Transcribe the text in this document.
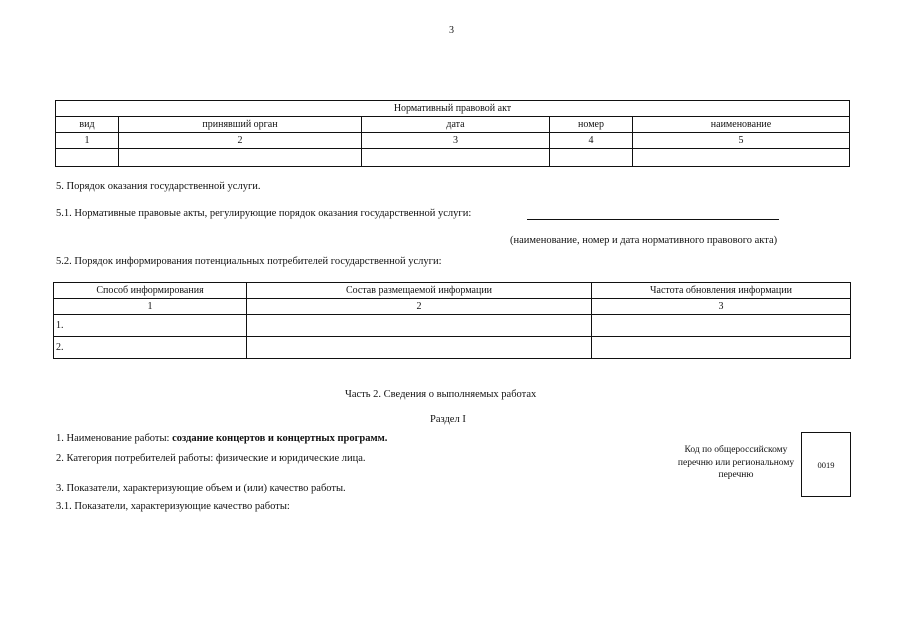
3
Нормативный правовой акт				
вид	принявший орган	дата	номер	наименование
1	2	3	4	5

5. Порядок оказания государственной услуги.
5.1. Нормативные правовые акты, регулирующие порядок оказания государственной услуги:
(наименование, номер и дата нормативного правового акта)
5.2. Порядок информирования потенциальных потребителей государственной услуги:
Способ информирования	Состав размещаемой информации	Частота обновления информации
1	2	3
1.		
2.		
Часть 2. Сведения о выполняемых работах
Раздел I
1. Наименование работы: создание концертов и концертных программ.
2. Категория потребителей работы: физические и юридические лица.
3. Показатели, характеризующие объем и (или) качество работы.
3.1. Показатели, характеризующие качество работы:
Код по общероссийскому перечню или региональному перечню
0019
